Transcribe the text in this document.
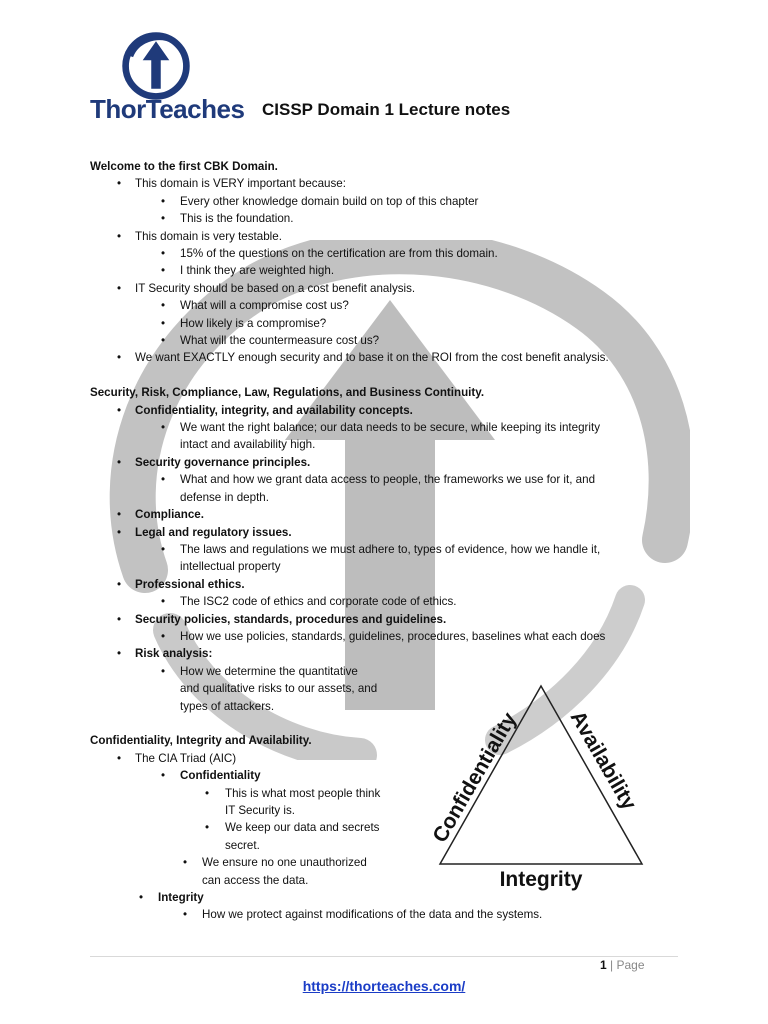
ThorTeaches CISSP Domain 1 Lecture notes
Welcome to the first CBK Domain.
• This domain is VERY important because:
• Every other knowledge domain build on top of this chapter
• This is the foundation.
• This domain is very testable.
• 15% of the questions on the certification are from this domain.
• I think they are weighted high.
• IT Security should be based on a cost benefit analysis.
• What will a compromise cost us?
• How likely is a compromise?
• What will the countermeasure cost us?
• We want EXACTLY enough security and to base it on the ROI from the cost benefit analysis.
Security, Risk, Compliance, Law, Regulations, and Business Continuity.
• Confidentiality, integrity, and availability concepts.
• We want the right balance; our data needs to be secure, while keeping its integrity
intact and availability high.
• Security governance principles.
• What and how we grant data access to people, the frameworks we use for it, and
defense in depth.
• Compliance.
• Legal and regulatory issues.
• The laws and regulations we must adhere to, types of evidence, how we handle it,
intellectual property
• Professional ethics.
• The ISC2 code of ethics and corporate code of ethics.
• Security policies, standards, procedures and guidelines.
• How we use policies, standards, guidelines, procedures, baselines what each does
• Risk analysis:
• How we determine the quantitative
and qualitative risks to our assets, and
types of attackers.
Confidentiality, Integrity and Availability.
• The CIA Triad (AIC)
• Confidentiality
• This is what most people think
IT Security is.
• We keep our data and secrets
secret.
• We ensure no one unauthorized
can access the data.
• Integrity
• How we protect against modifications of the data and the systems.
Confidentiality Availability
Integrity
1 | Page
https://thorteaches.com/
